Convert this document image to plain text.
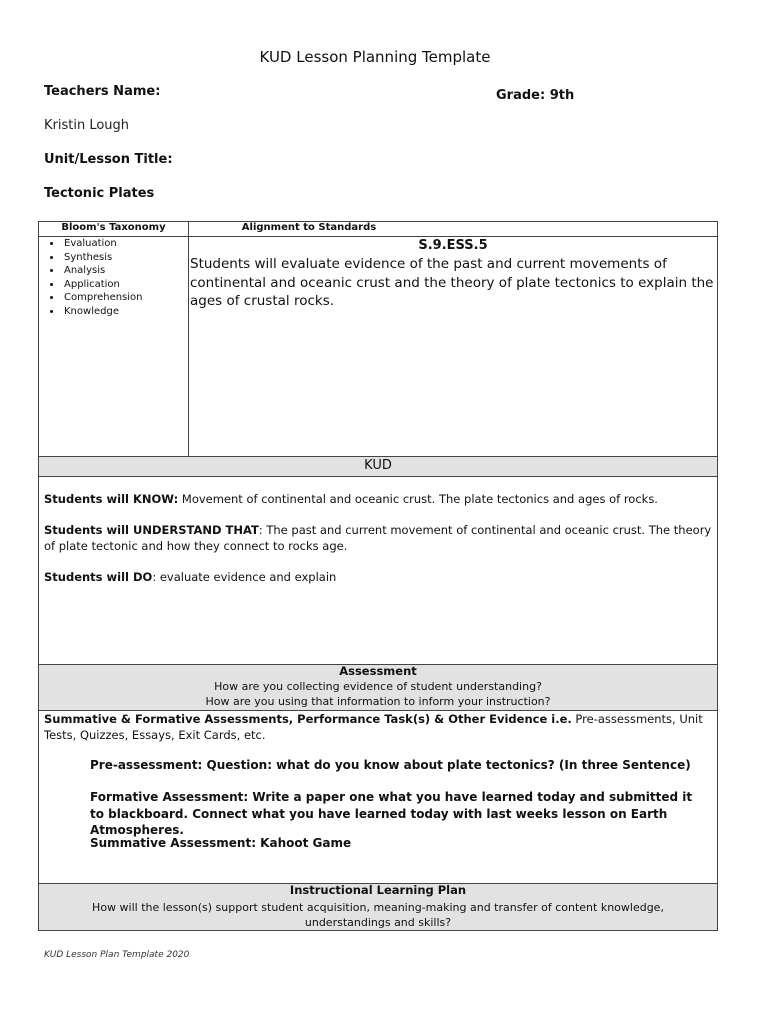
KUD Lesson Planning Template
Teachers Name:	Grade: 9th
Kristin Lough
Unit/Lesson Title:
Tectonic Plates
Bloom's Taxonomy	Alignment to Standards
• Evaluation
• Synthesis
• Analysis
• Application
• Comprehension
• Knowledge
S.9.ESS.5
Students will evaluate evidence of the past and current movements of continental and oceanic crust and the theory of plate tectonics to explain the ages of crustal rocks.
KUD
Students will KNOW: Movement of continental and oceanic crust. The plate tectonics and ages of rocks.
Students will UNDERSTAND THAT: The past and current movement of continental and oceanic crust. The theory of plate tectonic and how they connect to rocks age.
Students will DO: evaluate evidence and explain
Assessment
How are you collecting evidence of student understanding?
How are you using that information to inform your instruction?
Summative & Formative Assessments, Performance Task(s) & Other Evidence i.e. Pre-assessments, Unit Tests, Quizzes, Essays, Exit Cards, etc.
Pre-assessment: Question: what do you know about plate tectonics? (In three Sentence)
Formative Assessment: Write a paper one what you have learned today and submitted it to blackboard. Connect what you have learned today with last weeks lesson on Earth Atmospheres.
Summative Assessment: Kahoot Game
Instructional Learning Plan
How will the lesson(s) support student acquisition, meaning-making and transfer of content knowledge, understandings and skills?
KUD Lesson Plan Template 2020
